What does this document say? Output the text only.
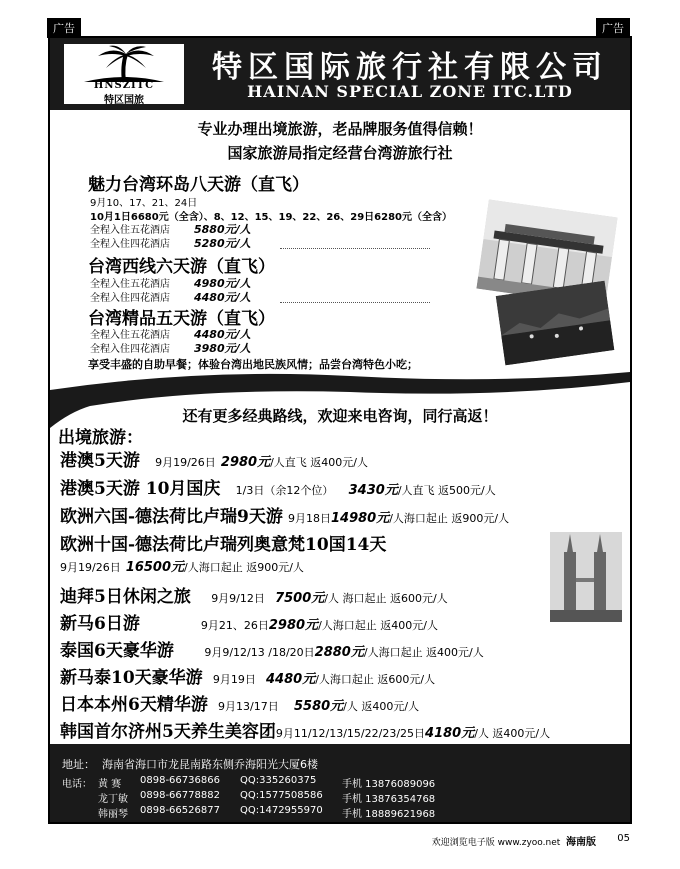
广告	广告
HNSZITC
特区国旅
特区国际旅行社有限公司
HAINAN SPECIAL ZONE ITC.LTD
专业办理出境旅游，老品牌服务值得信赖！
国家旅游局指定经营台湾游旅行社
魅力台湾环岛八天游（直飞）
9月10、17、21、24日
10月1日6680元（全含）、8、12、15、19、22、26、29日6280元（全含）
全程入住五花酒店 5880元/人
全程入住四花酒店 5280元/人
台湾西线六天游（直飞）
全程入住五花酒店 4980元/人
全程入住四花酒店 4480元/人
台湾精品五天游（直飞）
全程入住五花酒店 4480元/人
全程入住四花酒店 3980元/人
享受丰盛的自助早餐；体验台湾出地民族风情；品尝台湾特色小吃；
还有更多经典路线，欢迎来电咨询，同行高返！
出境旅游：
港澳5天游 9月19/26日 2980元/人直飞 返400元/人
港澳5天游 10月国庆 1/3日（余12个位） 3430元/人直飞 返500元/人
欧洲六国-德法荷比卢瑞9天游 9月18日14980元/人海口起止 返900元/人
欧洲十国-德法荷比卢瑞列奥意梵10国14天
9月19/26日 16500元/人海口起止 返900元/人
迪拜5日休闲之旅 9月9/12日 7500元/人 海口起止 返600元/人
新马6日游	9月21、26日2980元/人海口起止 返400元/人
泰国6天豪华游	9月9/12/13 /18/20日2880元/人海口起止 返400元/人
新马泰10天豪华游 9月19日 4480元/人海口起止 返600元/人
日本本州6天精华游 9月13/17日 5580元/人 返400元/人
韩国首尔济州5天养生美容团9月11/12/13/15/22/23/25日4180元/人 返400元/人
地址： 海南省海口市龙昆南路东侧乔海阳光大厦6楼
电话： 黄 赛 0898-66736866 QQ:335260375	手机 13876089096
龙丁敏 0898-66778882 QQ:1577508586 手机 13876354768
韩丽琴 0898-66526877 QQ:1472955970 手机 18889621968
欢迎浏览电子版 www.zyoo.net 海南版 05
